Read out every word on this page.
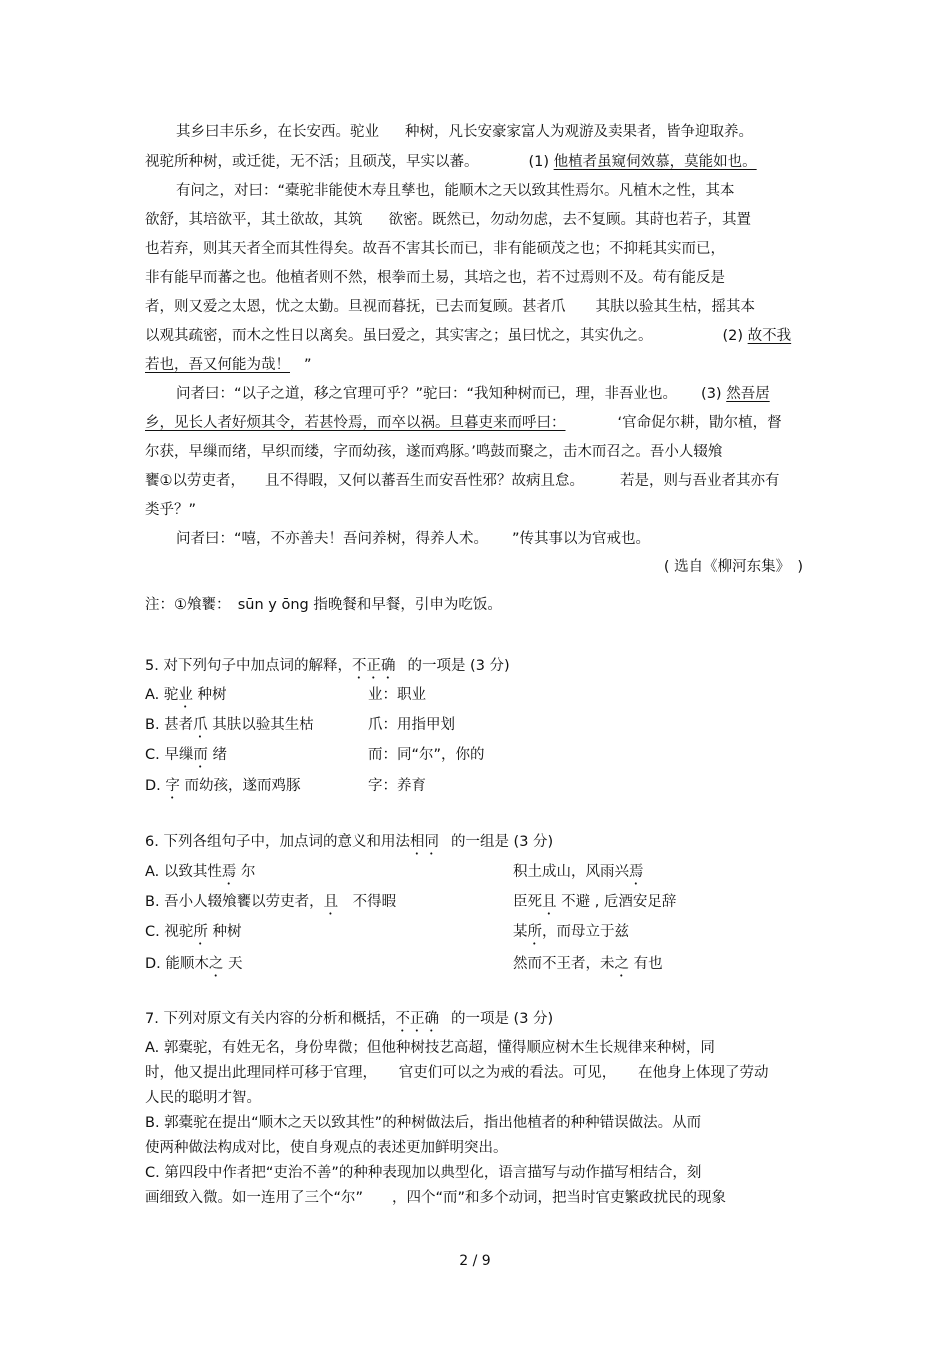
其乡曰丰乐乡，在长安西。驼业　 种树，凡长安豪家富人为观游及卖果者，皆争迎取养。
视驼所种树，或迁徙，无不活；且硕茂，早实以蕃。	(1) 他植者虽窥伺效慕，莫能如也。
有问之，对曰：“橐驼非能使木寿且孳也，能顺木之天以致其性焉尔。凡植木之性，其本
欲舒，其培欲平，其土欲故，其筑 欲密。既然已，勿动勿虑，去不复顾。其莳也若子，其置
也若弃，则其天者全而其性得矣。故吾不害其长而已，非有能硕茂之也；不抑耗其实而已，
非有能早而蕃之也。他植者则不然，根拳而土易，其培之也，若不过焉则不及。苟有能反是
者，则又爱之太恩，忧之太勤。旦视而暮抚，已去而复顾。甚者爪 其肤以验其生枯，摇其本
以观其疏密，而木之性日以离矣。虽曰爱之，其实害之；虽曰忧之，其实仇之。	(2) 故不我
若也，吾又何能为哉！ ”
问者曰：“以子之道，移之官理可乎？”驼曰：“我知种树而已，理，非吾业也。 (3) 然吾居
乡，见长人者好烦其令，若甚怜焉，而卒以祸。旦暮吏来而呼曰：	‘官命促尔耕，勖尔植，督
尔获，早缫而绪，早织而缕，字而幼孩，遂而鸡豚。’鸣鼓而聚之，击木而召之。吾小人辍飧
饔①以劳吏者， 且不得暇，又何以蕃吾生而安吾性邪？故病且怠。 若是，则与吾业者其亦有
类乎？”
问者曰：“嘻，不亦善夫！吾问养树，得养人术。 ”传其事以为官戒也。
( 选自《柳河东集》　)
注：①飧饔：　sūn y ōng 指晚餐和早餐，引申为吃饭。
5. 对下列句子中加点词的解释，不正确 的一项是 (3 分)
A. 驼业 种树	业：职业
B. 甚者爪 其肤以验其生枯	爪：用指甲划
C. 早缫而 绪	而：同“尔”，你的
D. 字 而幼孩，遂而鸡豚	字：养育
6. 下列各组句子中，加点词的意义和用法相同 的一组是 (3 分)
A. 以致其性焉 尔	积土成山，风雨兴焉
B. 吾小人辍飧饔以劳吏者，且　不得暇	臣死且 不避 , 卮酒安足辞
C. 视驼所 种树	某所，而母立于兹
D. 能顺木之 天	然而不王者，未之 有也
7. 下列对原文有关内容的分析和概括，不正确 的一项是 (3 分)
A. 郭橐驼，有姓无名，身份卑微；但他种树技艺高超，懂得顺应树木生长规律来种树，同
时，他又提出此理同样可移于官理，　　官吏们可以之为戒的看法。可见，　　在他身上体现了劳动
人民的聪明才智。
B. 郭橐驼在提出“顺木之天以致其性”的种树做法后，指出他植者的种种错误做法。从而
使两种做法构成对比，使自身观点的表述更加鲜明突出。
C. 第四段中作者把“吏治不善”的种种表现加以典型化，语言描写与动作描写相结合，刻
画细致入微。如一连用了三个“尔”　　，四个“而”和多个动词，把当时官吏繁政扰民的现象
2 / 9
